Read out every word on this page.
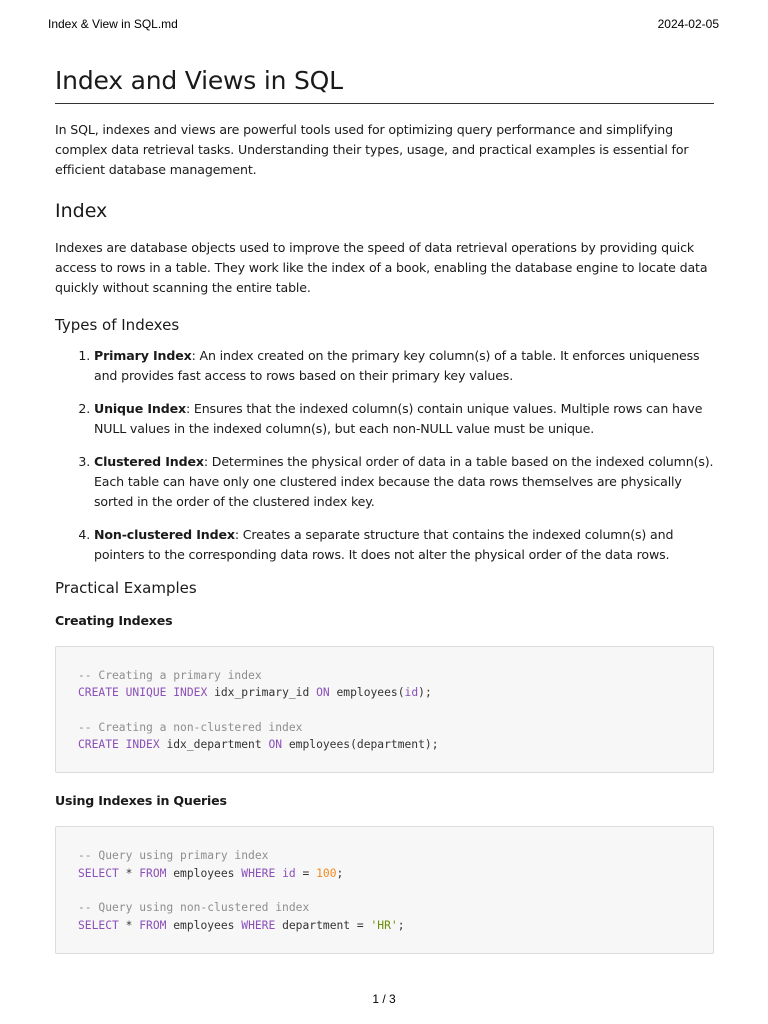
Index & View in SQL.md	2024-02-05
Index and Views in SQL

In SQL, indexes and views are powerful tools used for optimizing query performance and simplifying complex data retrieval tasks. Understanding their types, usage, and practical examples is essential for efficient database management.

Index

Indexes are database objects used to improve the speed of data retrieval operations by providing quick access to rows in a table. They work like the index of a book, enabling the database engine to locate data quickly without scanning the entire table.

Types of Indexes
1. Primary Index: An index created on the primary key column(s) of a table. It enforces uniqueness and provides fast access to rows based on their primary key values.
2. Unique Index: Ensures that the indexed column(s) contain unique values. Multiple rows can have NULL values in the indexed column(s), but each non-NULL value must be unique.
3. Clustered Index: Determines the physical order of data in a table based on the indexed column(s). Each table can have only one clustered index because the data rows themselves are physically sorted in the order of the clustered index key.
4. Non-clustered Index: Creates a separate structure that contains the indexed column(s) and pointers to the corresponding data rows. It does not alter the physical order of the data rows.
Practical Examples
Creating Indexes
-- Creating a primary index
CREATE UNIQUE INDEX idx_primary_id ON employees(id);

-- Creating a non-clustered index
CREATE INDEX idx_department ON employees(department);
Using Indexes in Queries
-- Query using primary index
SELECT * FROM employees WHERE id = 100;

-- Query using non-clustered index
SELECT * FROM employees WHERE department = 'HR';
1 / 3
